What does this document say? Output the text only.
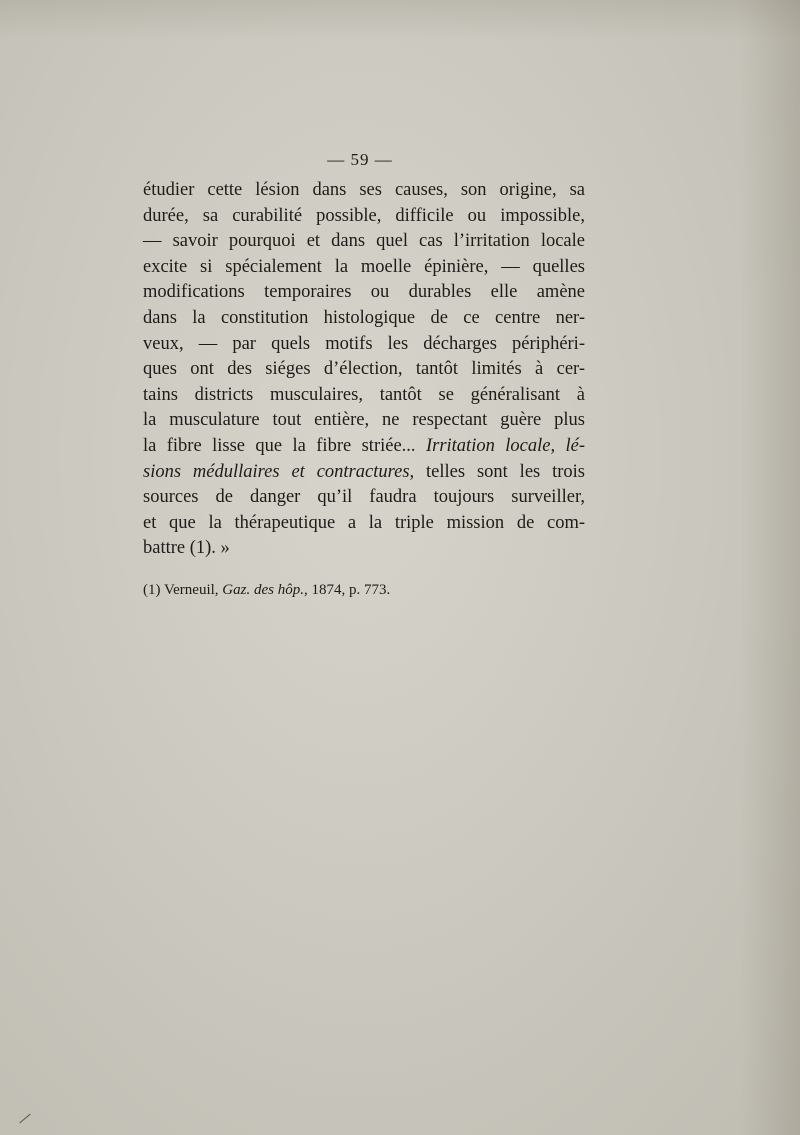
— 59 —
étudier cette lésion dans ses causes, son origine, sa
durée, sa curabilité possible, difficile ou impossible,
— savoir pourquoi et dans quel cas l’irritation locale
excite si spécialement la moelle épinière, — quelles
modifications temporaires ou durables elle amène
dans la constitution histologique de ce centre ner-
veux, — par quels motifs les décharges périphéri-
ques ont des siéges d’élection, tantôt limités à cer-
tains districts musculaires, tantôt se généralisant à
la musculature tout entière, ne respectant guère plus
la fibre lisse que la fibre striée... Irritation locale, lé-
sions médullaires et contractures, telles sont les trois
sources de danger qu’il faudra toujours surveiller,
et que la thérapeutique a la triple mission de com-
battre (1). »
(1) Verneuil, Gaz. des hôp., 1874, p. 773.
